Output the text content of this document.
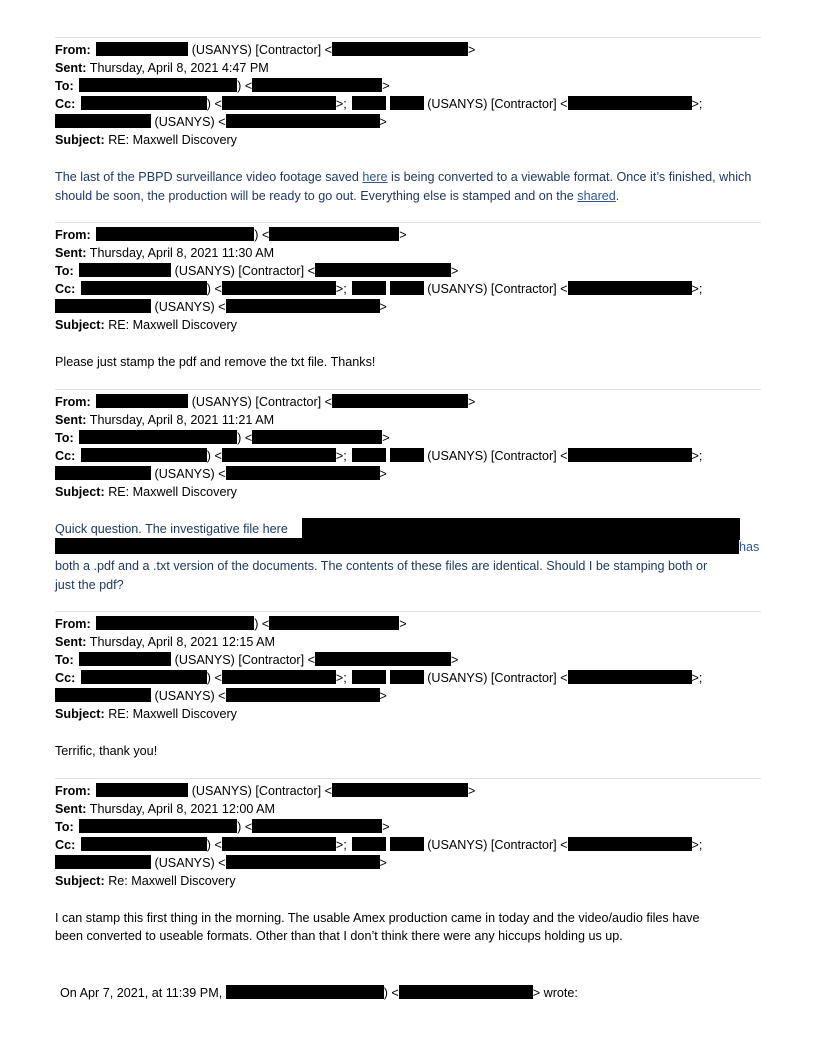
From:	(USANYS) [Contractor] <	>
Sent: Thursday, April 8, 2021 4:47 PM
To:	) <	>
Cc:	) <	>;	(USANYS) [Contractor] <	>;
(USANYS) <	>
Subject: RE: Maxwell Discovery
The last of the PBPD surveillance video footage saved here is being converted to a viewable format. Once it’s finished, which should be soon, the production will be ready to go out. Everything else is stamped and on the shared.
From:	) <	>
Sent: Thursday, April 8, 2021 11:30 AM
To:	(USANYS) [Contractor] <	>
Cc:	) <	>;	(USANYS) [Contractor] <	>;
(USANYS) <	>
Subject: RE: Maxwell Discovery
Please just stamp the pdf and remove the txt file. Thanks!
From:	(USANYS) [Contractor] <	>
Sent: Thursday, April 8, 2021 11:21 AM
To:	) <	>
Cc:	) <	>;	(USANYS) [Contractor] <	>;
(USANYS) <	>
Subject: RE: Maxwell Discovery
Quick question. The investigative file here
has
both a .pdf and a .txt version of the documents. The contents of these files are identical. Should I be stamping both or
just the pdf?
From:	) <	>
Sent: Thursday, April 8, 2021 12:15 AM
To:	(USANYS) [Contractor] <	>
Cc:	) <	>;	(USANYS) [Contractor] <	>;
(USANYS) <	>
Subject: RE: Maxwell Discovery
Terrific, thank you!
From:	(USANYS) [Contractor] <	>
Sent: Thursday, April 8, 2021 12:00 AM
To:	) <	>
Cc:	) <	>;	(USANYS) [Contractor] <	>;
(USANYS) <	>
Subject: Re: Maxwell Discovery
I can stamp this first thing in the morning. The usable Amex production came in today and the video/audio files have
been converted to useable formats. Other than that I don’t think there were any hiccups holding us up.
On Apr 7, 2021, at 11:39 PM,	) <	> wrote:
